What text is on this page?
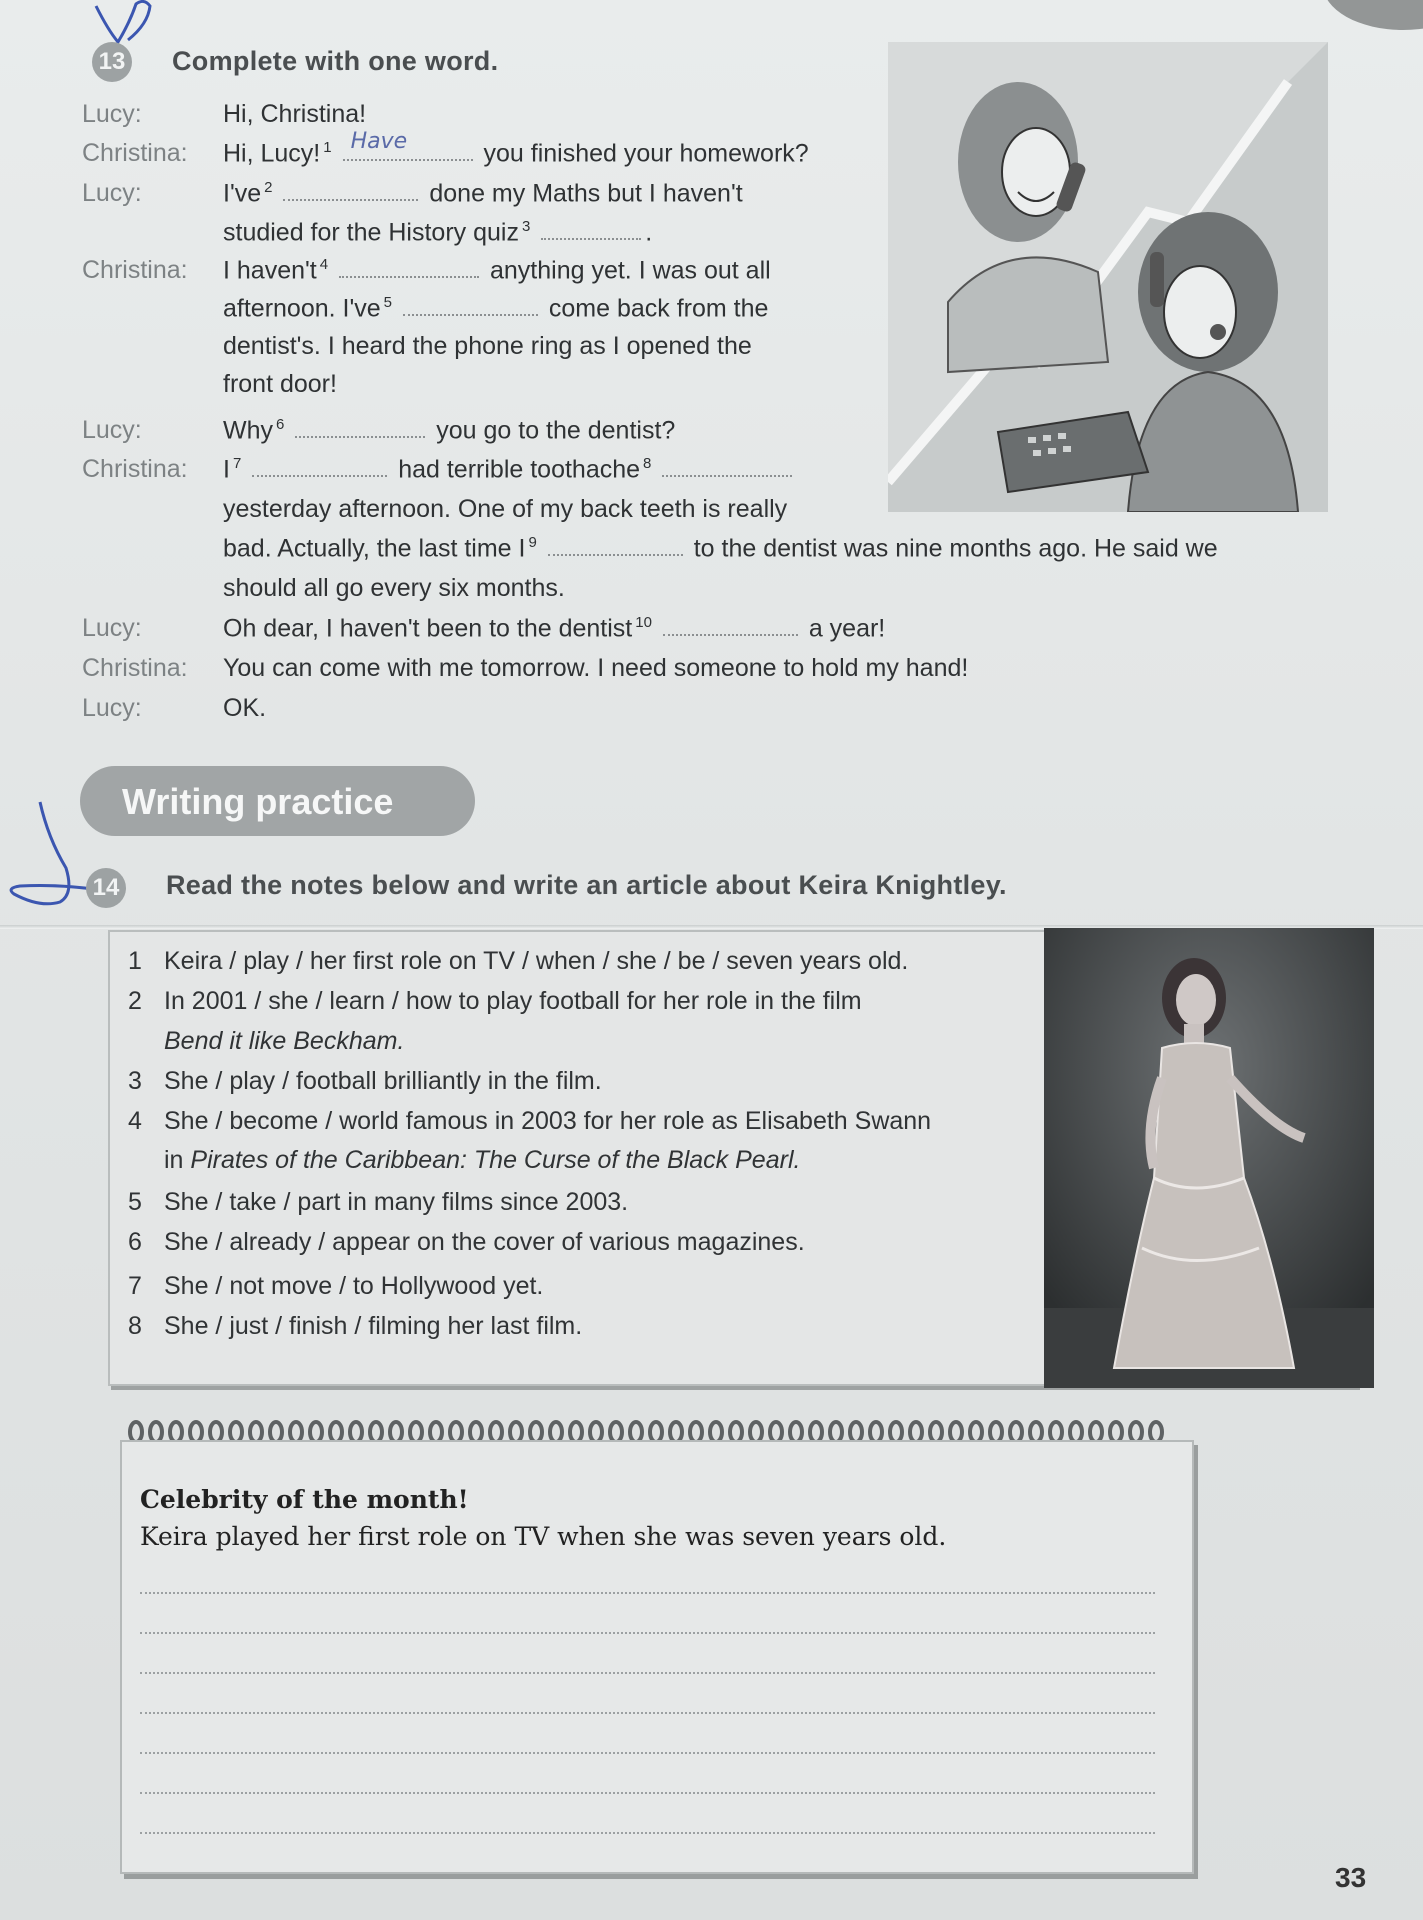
13 Complete with one word.
Lucy:	Hi, Christina!
Christina: Hi, Lucy! $^1$ Have	you finished your homework?
Lucy:	I've $^2$	done my Maths but I haven't
studied for the History quiz $^3$	.
Christina: I haven't $^4$	anything yet. I was out all
afternoon. I've $^5$	come back from the
dentist's. I heard the phone ring as I opened the
front door!
Lucy:	Why $^6$	you go to the dentist?
Christina: I $^7$	had terrible toothache $^8$
yesterday afternoon. One of my back teeth is really
bad. Actually, the last time I $^9$	to the dentist was nine months ago. He said we
should all go every six months.
Lucy:	Oh dear, I haven't been to the dentist $^{10}$	a year!
Christina: You can come with me tomorrow. I need someone to hold my hand!
Lucy:	OK.
Writing practice
14 Read the notes below and write an article about Keira Knightley.
1 Keira / play / her first role on TV / when / she / be / seven years old.
2 In 2001 / she / learn / how to play football for her role in the film
Bend it like Beckham.
3 She / play / football brilliantly in the film.
4 She / become / world famous in 2003 for her role as Elisabeth Swann
in Pirates of the Caribbean: The Curse of the Black Pearl.
5 She / take / part in many films since 2003.
6 She / already / appear on the cover of various magazines.
7 She / not move / to Hollywood yet.
8 She / just / finish / filming her last film.
Celebrity of the month!
Keira played her first role on TV when she was seven years old.
33
